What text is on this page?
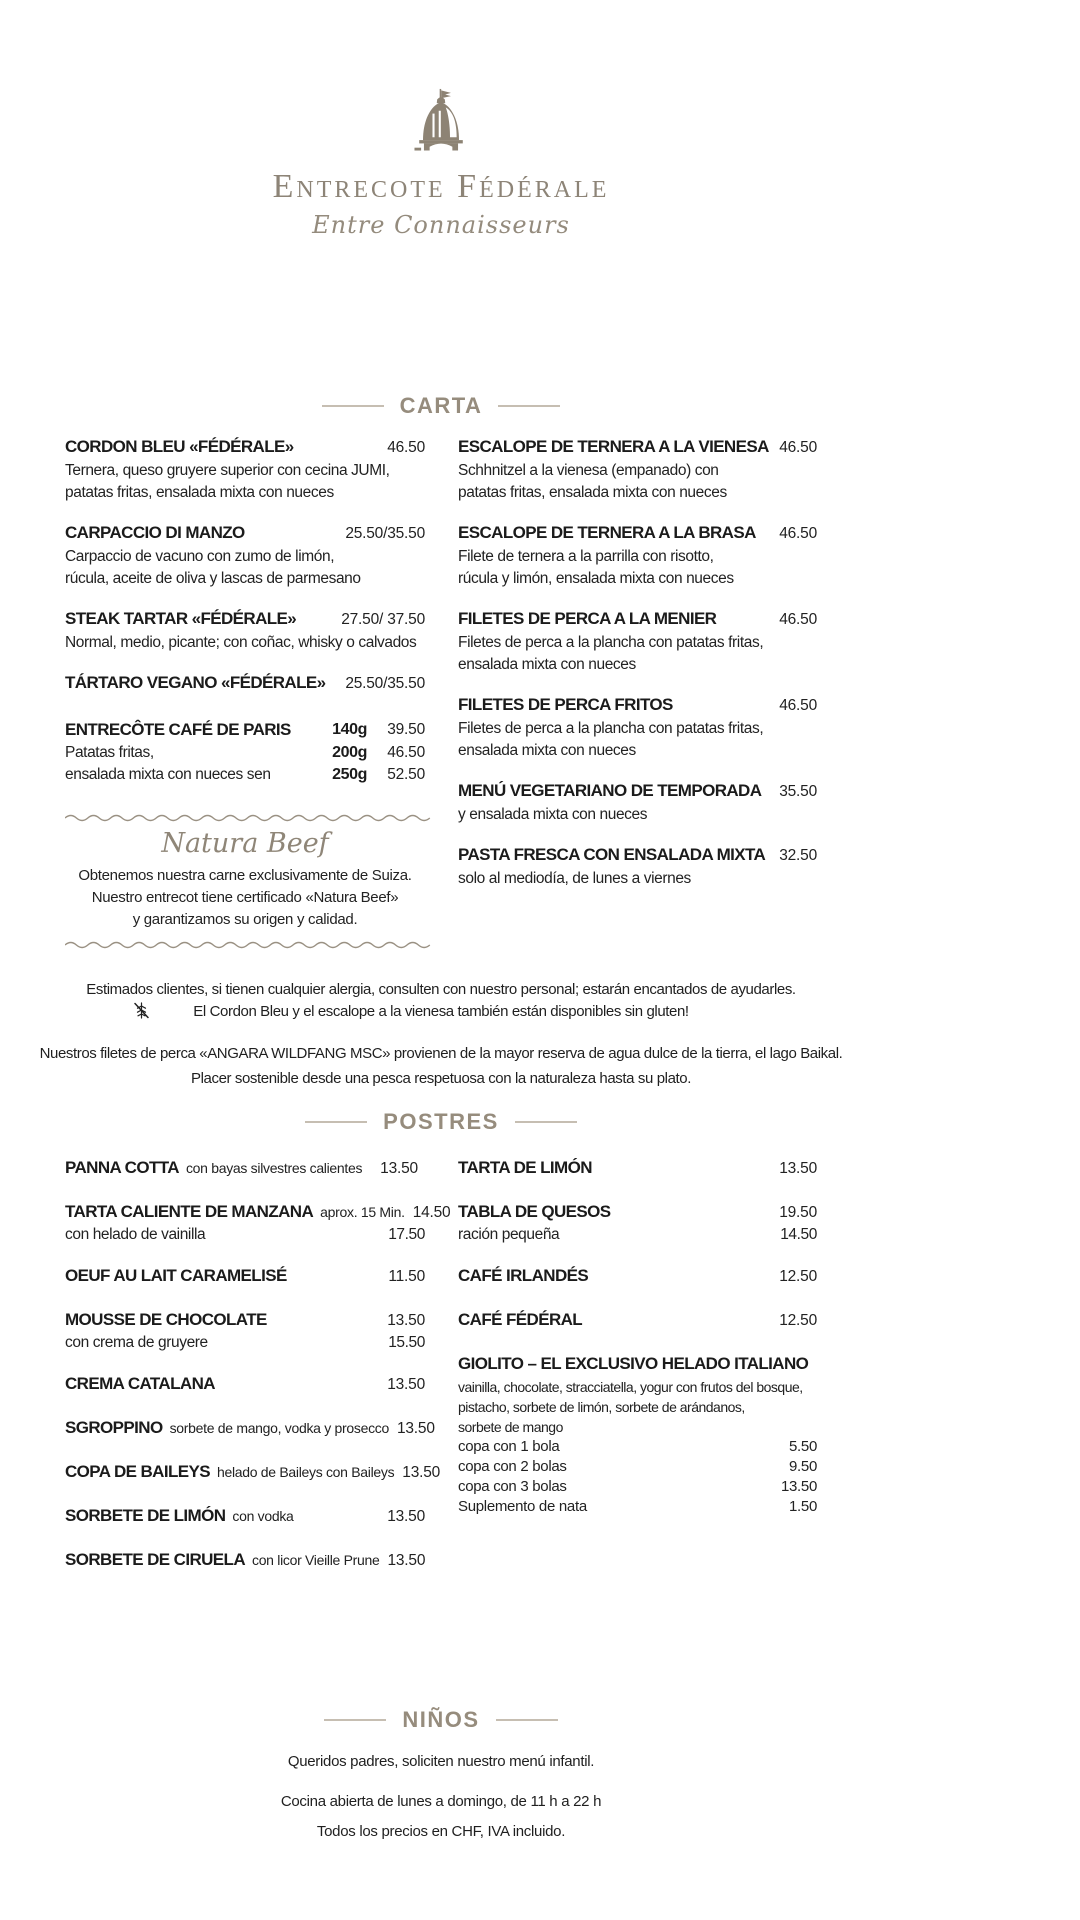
Entrecote Fédérale
Entre Connaisseurs
CARTA
CORDON BLEU «FÉDÉRALE»	46.50
Ternera, queso gruyere superior con cecina JUMI,
patatas fritas, ensalada mixta con nueces
CARPACCIO DI MANZO	25.50/35.50
Carpaccio de vacuno con zumo de limón,
rúcula, aceite de oliva y lascas de parmesano
STEAK TARTAR «FÉDÉRALE»	27.50/ 37.50
Normal, medio, picante; con coñac, whisky o calvados
TÁRTARO VEGANO «FÉDÉRALE»	25.50/35.50
ENTRECÔTE CAFÉ DE PARIS
Patatas fritas,
ensalada mixta con nueces sen
140g 39.50
200g 46.50
250g 52.50
Natura Beef
Obtenemos nuestra carne exclusivamente de Suiza.
Nuestro entrecot tiene certificado «Natura Beef»
y garantizamos su origen y calidad.
ESCALOPE DE TERNERA A LA VIENESA 46.50
Schhnitzel a la vienesa (empanado) con
patatas fritas, ensalada mixta con nueces
ESCALOPE DE TERNERA A LA BRASA	46.50
Filete de ternera a la parrilla con risotto,
rúcula y limón, ensalada mixta con nueces
FILETES DE PERCA A LA MENIER	46.50
Filetes de perca a la plancha con patatas fritas,
ensalada mixta con nueces
FILETES DE PERCA FRITOS	46.50
Filetes de perca a la plancha con patatas fritas,
ensalada mixta con nueces
MENÚ VEGETARIANO DE TEMPORADA	35.50
y ensalada mixta con nueces
PASTA FRESCA CON ENSALADA MIXTA 32.50
solo al mediodía, de lunes a viernes
Estimados clientes, si tienen cualquier alergia, consulten con nuestro personal; estarán encantados de ayudarles.
El Cordon Bleu y el escalope a la vienesa también están disponibles sin gluten!
Nuestros filetes de perca «ANGARA WILDFANG MSC» provienen de la mayor reserva de agua dulce de la tierra, el lago Baikal.
Placer sostenible desde una pesca respetuosa con la naturaleza hasta su plato.
POSTRES
PANNA COTTA con bayas silvestres calientes	13.50
TARTA CALIENTE DE MANZANA aprox. 15 Min. 14.50
con helado de vainilla	17.50
OEUF AU LAIT CARAMELISÉ	11.50
MOUSSE DE CHOCOLATE	13.50
con crema de gruyere	15.50
CREMA CATALANA	13.50
SGROPPINO sorbete de mango, vodka y prosecco 13.50
COPA DE BAILEYS helado de Baileys con Baileys 13.50
SORBETE DE LIMÓN con vodka	13.50
SORBETE DE CIRUELA con licor Vieille Prune 13.50
TARTA DE LIMÓN	13.50
TABLA DE QUESOS	19.50
ración pequeña	14.50
CAFÉ IRLANDÉS	12.50
CAFÉ FÉDÉRAL	12.50
GIOLITO – EL EXCLUSIVO HELADO ITALIANO
vainilla, chocolate, stracciatella, yogur con frutos del bosque,
pistacho, sorbete de limón, sorbete de arándanos,
sorbete de mango
copa con 1 bola	5.50
copa con 2 bolas	9.50
copa con 3 bolas	13.50
Suplemento de nata	1.50
NIÑOS
Queridos padres, soliciten nuestro menú infantil.
Cocina abierta de lunes a domingo, de 11 h a 22 h
Todos los precios en CHF, IVA incluido.
